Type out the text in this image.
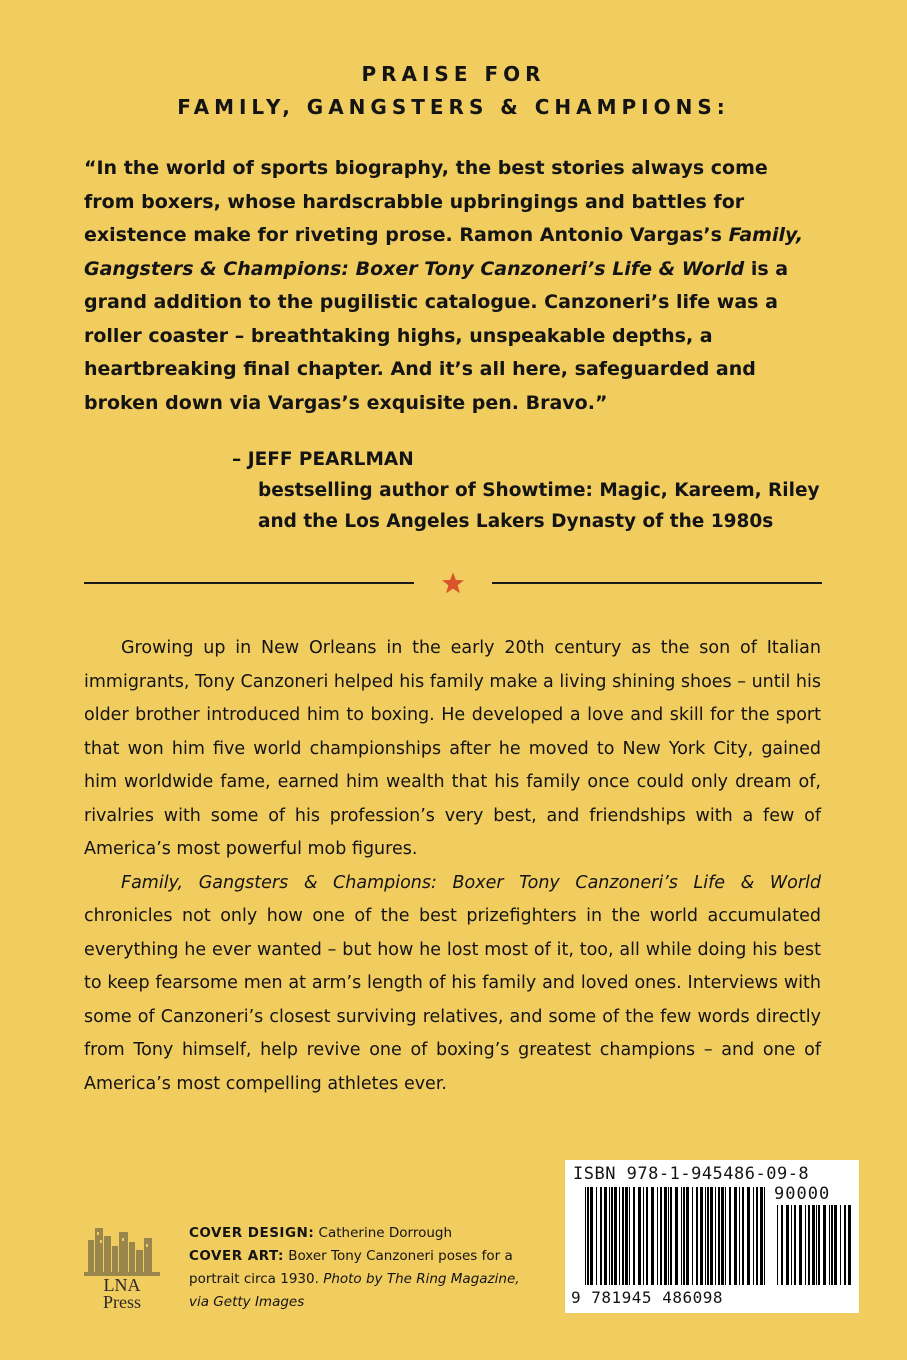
PRAISE FOR
FAMILY, GANGSTERS & CHAMPIONS:

“In the world of sports biography, the best stories always come from boxers, whose hardscrabble upbringings and battles for existence make for riveting prose. Ramon Antonio Vargas’s Family, Gangsters & Champions: Boxer Tony Canzoneri’s Life & World is a grand addition to the pugilistic catalogue. Canzoneri’s life was a roller coaster – breathtaking highs, unspeakable depths, a heartbreaking final chapter. And it’s all here, safeguarded and broken down via Vargas’s exquisite pen. Bravo.”

– JEFF PEARLMAN
bestselling author of Showtime: Magic, Kareem, Riley and the Los Angeles Lakers Dynasty of the 1980s

Growing up in New Orleans in the early 20th century as the son of Italian immigrants, Tony Canzoneri helped his family make a living shining shoes – until his older brother introduced him to boxing. He developed a love and skill for the sport that won him five world championships after he moved to New York City, gained him worldwide fame, earned him wealth that his family once could only dream of, rivalries with some of his profession’s very best, and friendships with a few of America’s most powerful mob figures.

Family, Gangsters & Champions: Boxer Tony Canzoneri’s Life & World chronicles not only how one of the best prizefighters in the world accumulated everything he ever wanted – but how he lost most of it, too, all while doing his best to keep fearsome men at arm’s length of his family and loved ones. Interviews with some of Canzoneri’s closest surviving relatives, and some of the few words directly from Tony himself, help revive one of boxing’s greatest champions – and one of America’s most compelling athletes ever.

LNA
Press
COVER DESIGN: Catherine Dorrough
COVER ART: Boxer Tony Canzoneri poses for a portrait circa 1930. Photo by The Ring Magazine, via Getty Images
ISBN 978-1-945486-09-8
90000
9 781945 486098
